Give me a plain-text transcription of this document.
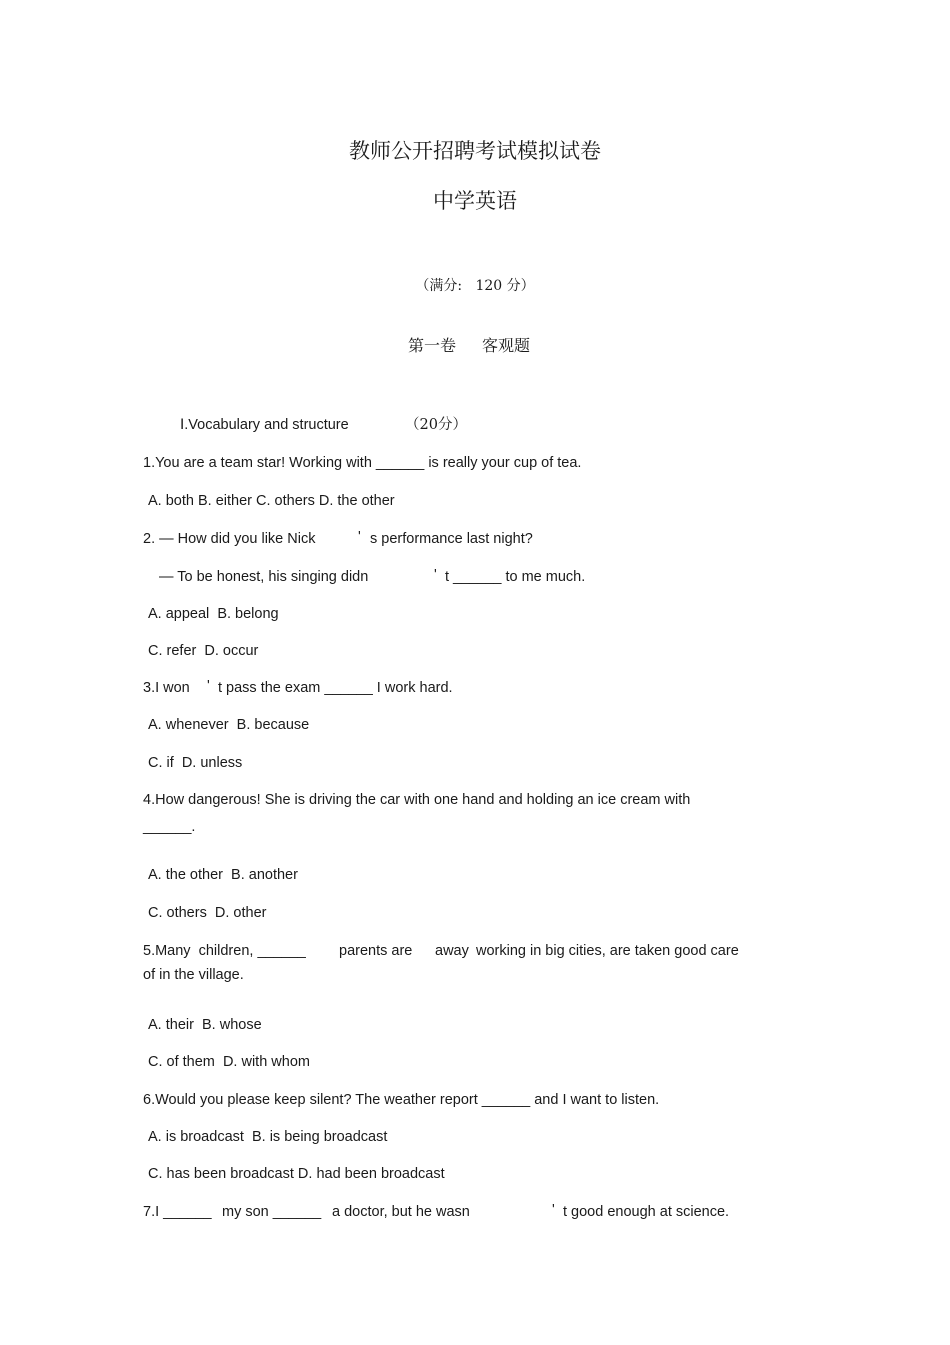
教师公开招聘考试模拟试卷
中学英语
（满分:   120 分）
第一卷 客观题
Ⅰ.Vocabulary and structure	（20分）
1.You are a team star! Working with ______ is really your cup of tea.
A. both B. either C. others D. the other
2. — How did you like Nick	' s performance last night?
— To be honest, his singing didn	' t ______ to me much.
A. appeal  B. belong
C. refer  D. occur
3.I won ' t pass the exam ______ I work hard.
A. whenever  B. because
C. if  D. unless
4.How dangerous! She is driving the car with one hand and holding an ice cream with
______.
A. the other  B. another
C. others  D. other
5.Many  children, ______ parents are away working in big cities, are taken good care
of in the village.
A. their  B. whose
C. of them  D. with whom
6.Would you please keep silent? The weather report ______ and I want to listen.
A. is broadcast  B. is being broadcast
C. has been broadcast D. had been broadcast
7.I ______ my son ______ a doctor, but he wasn	' t good enough at science.
